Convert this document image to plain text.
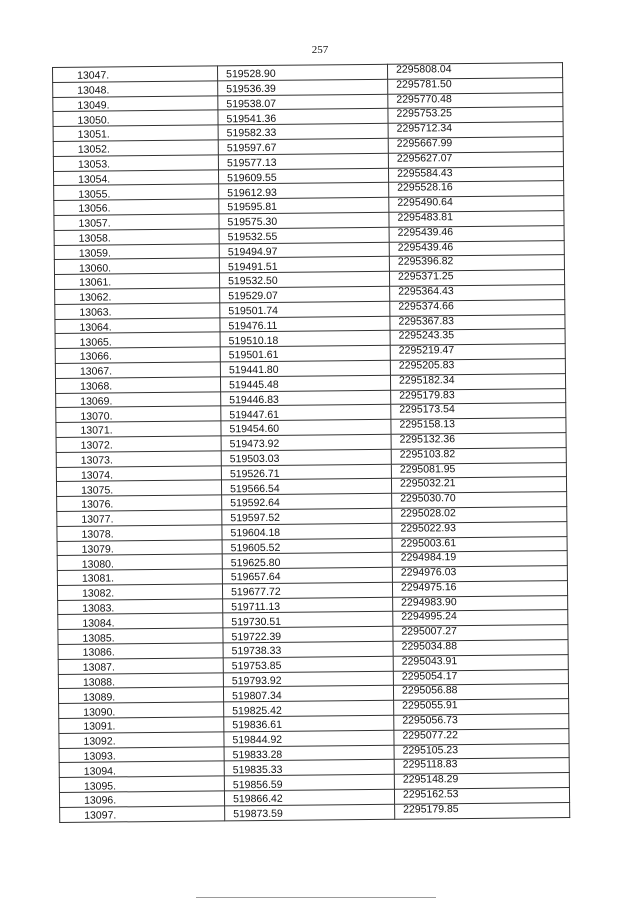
257
13047.	519528.90	2295808.04
13048.	519536.39	2295781.50
13049.	519538.07	2295770.48
13050.	519541.36	2295753.25
13051.	519582.33	2295712.34
13052.	519597.67	2295667.99
13053.	519577.13	2295627.07
13054.	519609.55	2295584.43
13055.	519612.93	2295528.16
13056.	519595.81	2295490.64
13057.	519575.30	2295483.81
13058.	519532.55	2295439.46
13059.	519494.97	2295439.46
13060.	519491.51	2295396.82
13061.	519532.50	2295371.25
13062.	519529.07	2295364.43
13063.	519501.74	2295374.66
13064.	519476.11	2295367.83
13065.	519510.18	2295243.35
13066.	519501.61	2295219.47
13067.	519441.80	2295205.83
13068.	519445.48	2295182.34
13069.	519446.83	2295179.83
13070.	519447.61	2295173.54
13071.	519454.60	2295158.13
13072.	519473.92	2295132.36
13073.	519503.03	2295103.82
13074.	519526.71	2295081.95
13075.	519566.54	2295032.21
13076.	519592.64	2295030.70
13077.	519597.52	2295028.02
13078.	519604.18	2295022.93
13079.	519605.52	2295003.61
13080.	519625.80	2294984.19
13081.	519657.64	2294976.03
13082.	519677.72	2294975.16
13083.	519711.13	2294983.90
13084.	519730.51	2294995.24
13085.	519722.39	2295007.27
13086.	519738.33	2295034.88
13087.	519753.85	2295043.91
13088.	519793.92	2295054.17
13089.	519807.34	2295056.88
13090.	519825.42	2295055.91
13091.	519836.61	2295056.73
13092.	519844.92	2295077.22
13093.	519833.28	2295105.23
13094.	519835.33	2295118.83
13095.	519856.59	2295148.29
13096.	519866.42	2295162.53
13097.	519873.59	2295179.85
